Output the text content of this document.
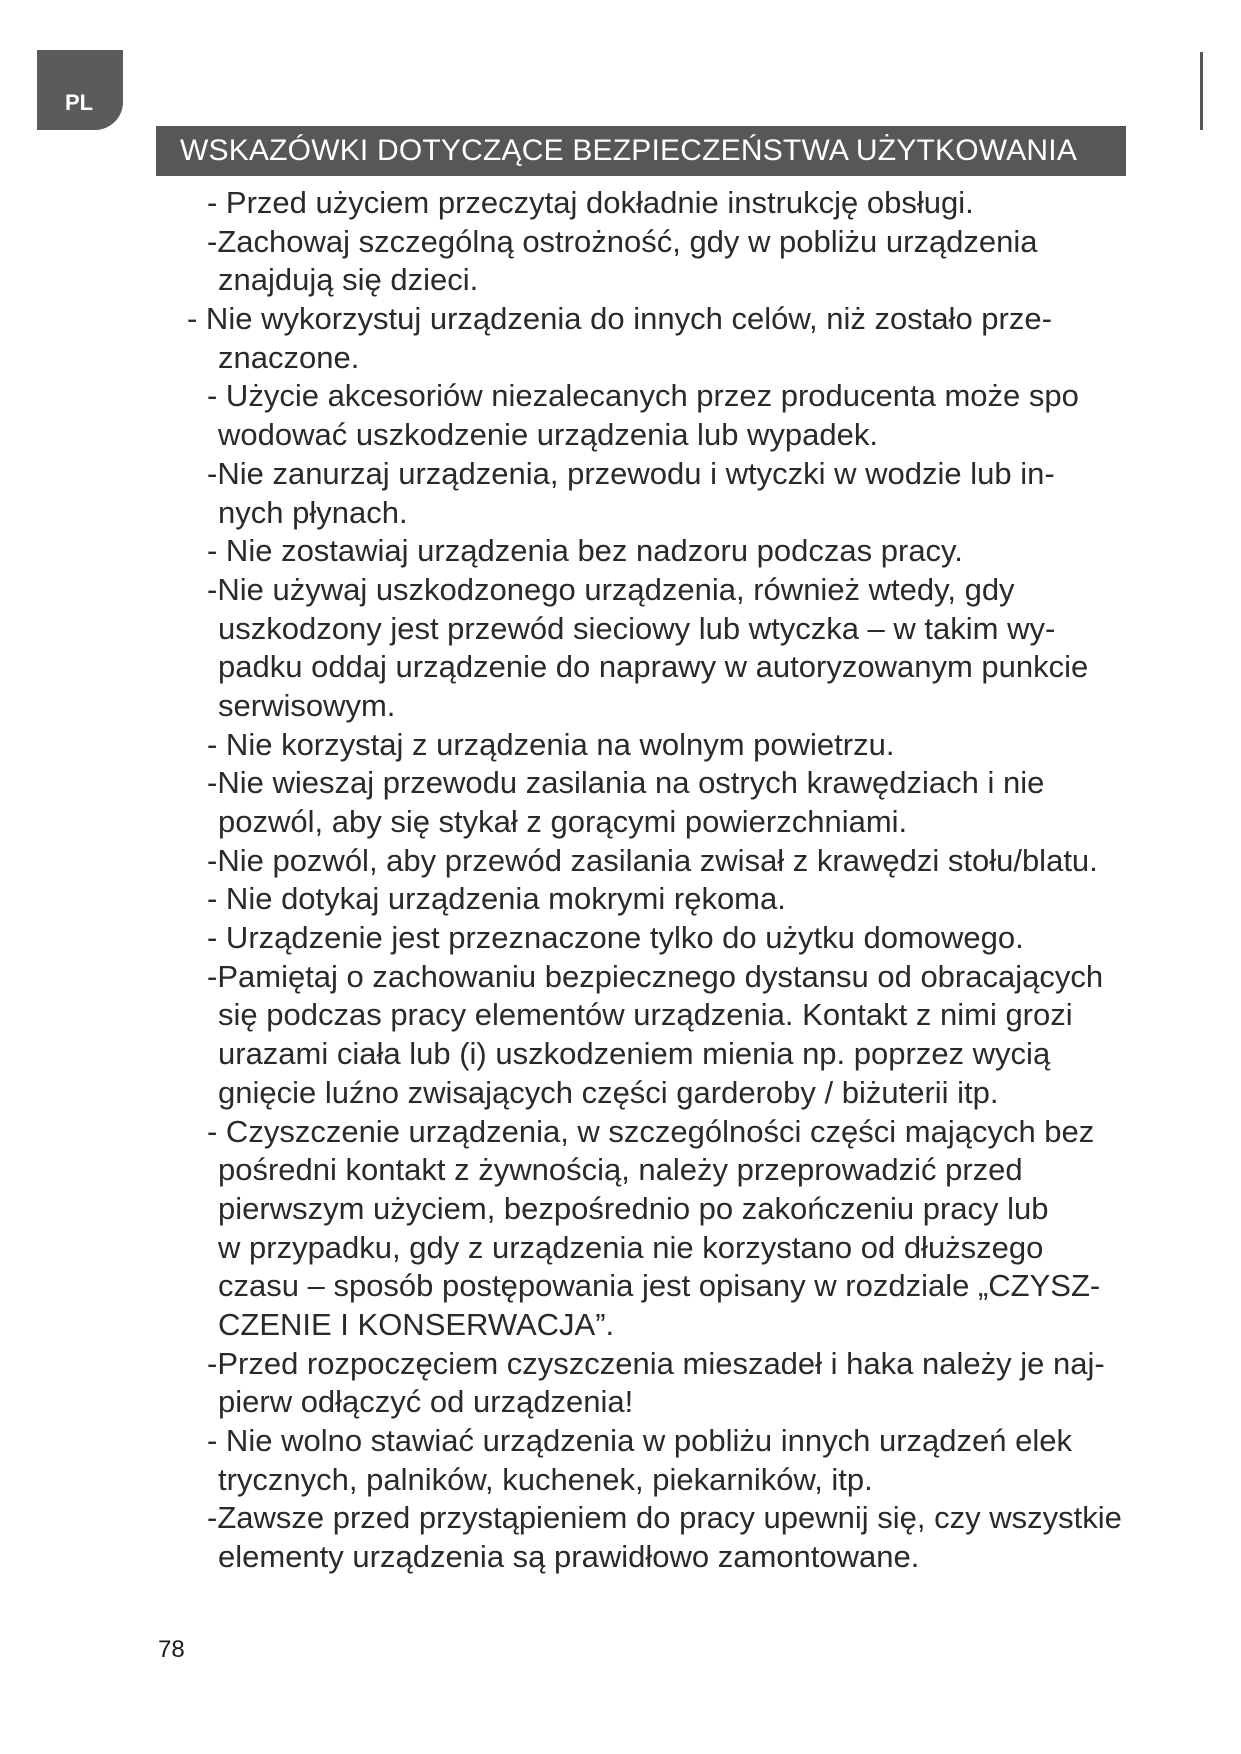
PL
WSKAZÓWKI DOTYCZĄCE BEZPIECZEŃSTWA UŻYTKOWANIA
- Przed użyciem przeczytaj dokładnie instrukcję obsługi.
-Zachowaj szczególną ostrożność, gdy w pobliżu urządzenia
znajdują się dzieci.
- Nie wykorzystuj urządzenia do innych celów, niż zostało prze-
znaczone.
- Użycie akcesoriów niezalecanych przez producenta może spo
wodować uszkodzenie urządzenia lub wypadek.
-Nie zanurzaj urządzenia, przewodu i wtyczki w wodzie lub in-
nych płynach.
- Nie zostawiaj urządzenia bez nadzoru podczas pracy.
-Nie używaj uszkodzonego urządzenia, również wtedy, gdy
uszkodzony jest przewód sieciowy lub wtyczka – w takim wy-
padku oddaj urządzenie do naprawy w autoryzowanym punkcie
serwisowym.
- Nie korzystaj z urządzenia na wolnym powietrzu.
-Nie wieszaj przewodu zasilania na ostrych krawędziach i nie
pozwól, aby się stykał z gorącymi powierzchniami.
-Nie pozwól, aby przewód zasilania zwisał z krawędzi stołu/blatu.
- Nie dotykaj urządzenia mokrymi rękoma.
- Urządzenie jest przeznaczone tylko do użytku domowego.
-Pamiętaj o zachowaniu bezpiecznego dystansu od obracających
się podczas pracy elementów urządzenia. Kontakt z nimi grozi
urazami ciała lub (i) uszkodzeniem mienia np. poprzez wycią
gnięcie luźno zwisających części garderoby / biżuterii itp.
- Czyszczenie urządzenia, w szczególności części mających bez
pośredni kontakt z żywnością, należy przeprowadzić przed
pierwszym użyciem, bezpośrednio po zakończeniu pracy lub
w przypadku, gdy z urządzenia nie korzystano od dłuższego
czasu – sposób postępowania jest opisany w rozdziale „CZYSZ-
CZENIE I KONSERWACJA”.
-Przed rozpoczęciem czyszczenia mieszadeł i haka należy je naj-
pierw odłączyć od urządzenia!
- Nie wolno stawiać urządzenia w pobliżu innych urządzeń elek
trycznych, palników, kuchenek, piekarników, itp.
-Zawsze przed przystąpieniem do pracy upewnij się, czy wszystkie
elementy urządzenia są prawidłowo zamontowane.
78
